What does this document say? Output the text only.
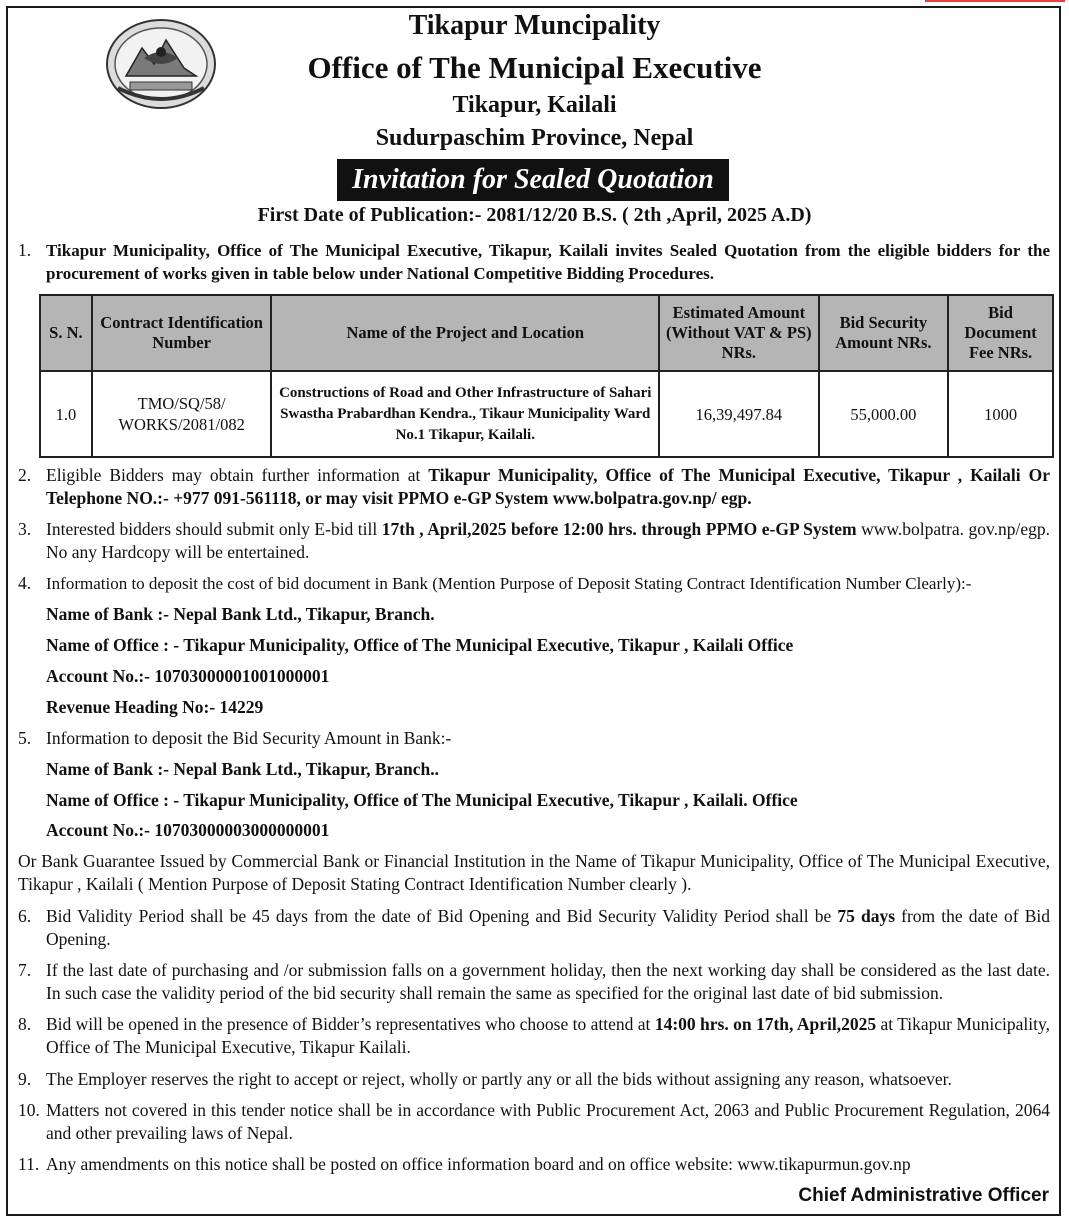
Tikapur Muncipality
Office of The Municipal Executive
Tikapur, Kailali
Sudurpaschim Province, Nepal
Invitation for Sealed Quotation
First Date of Publication:- 2081/12/20 B.S. ( 2th ,April, 2025 A.D)
1. Tikapur Municipality, Office of The Municipal Executive, Tikapur, Kailali invites Sealed Quotation from the eligible bidders for the procurement of works given in table below under National Competitive Bidding Procedures.
S. N.	Contract Identification Number	Name of the Project and Location	Estimated Amount (Without VAT & PS) NRs.	Bid Security Amount NRs.	Bid Document Fee NRs.
1.0	TMO/SQ/58/ WORKS/2081/082	Constructions of Road and Other Infrastructure of Sahari Swastha Prabardhan Kendra., Tikaur Municipality Ward No.1 Tikapur, Kailali.	16,39,497.84	55,000.00	1000
2. Eligible Bidders may obtain further information at Tikapur Municipality, Office of The Municipal Executive, Tikapur , Kailali Or Telephone NO.:- +977 091-561118, or may visit PPMO e-GP System www.bolpatra.gov.np/ egp.
3. Interested bidders should submit only E-bid till 17th , April,2025 before 12:00 hrs. through PPMO e-GP System www.bolpatra. gov.np/egp. No any Hardcopy will be entertained.
4. Information to deposit the cost of bid document in Bank (Mention Purpose of Deposit Stating Contract Identification Number Clearly):-
Name of Bank :- Nepal Bank Ltd., Tikapur, Branch.
Name of Office : - Tikapur Municipality, Office of The Municipal Executive, Tikapur , Kailali Office
Account No.:- 10703000001001000001
Revenue Heading No:- 14229
5. Information to deposit the Bid Security Amount in Bank:-
Name of Bank :- Nepal Bank Ltd., Tikapur, Branch..
Name of Office : - Tikapur Municipality, Office of The Municipal Executive, Tikapur , Kailali. Office
Account No.:- 10703000003000000001
Or Bank Guarantee Issued by Commercial Bank or Financial Institution in the Name of Tikapur Municipality, Office of The Municipal Executive, Tikapur , Kailali ( Mention Purpose of Deposit Stating Contract Identification Number clearly ).
6. Bid Validity Period shall be 45 days from the date of Bid Opening and Bid Security Validity Period shall be 75 days from the date of Bid Opening.
7. If the last date of purchasing and /or submission falls on a government holiday, then the next working day shall be considered as the last date. In such case the validity period of the bid security shall remain the same as specified for the original last date of bid submission.
8. Bid will be opened in the presence of Bidder’s representatives who choose to attend at 14:00 hrs. on 17th, April,2025 at Tikapur Municipality, Office of The Municipal Executive, Tikapur Kailali.
9. The Employer reserves the right to accept or reject, wholly or partly any or all the bids without assigning any reason, whatsoever.
10. Matters not covered in this tender notice shall be in accordance with Public Procurement Act, 2063 and Public Procurement Regulation, 2064 and other prevailing laws of Nepal.
11. Any amendments on this notice shall be posted on office information board and on office website: www.tikapurmun.gov.np
Chief Administrative Officer
